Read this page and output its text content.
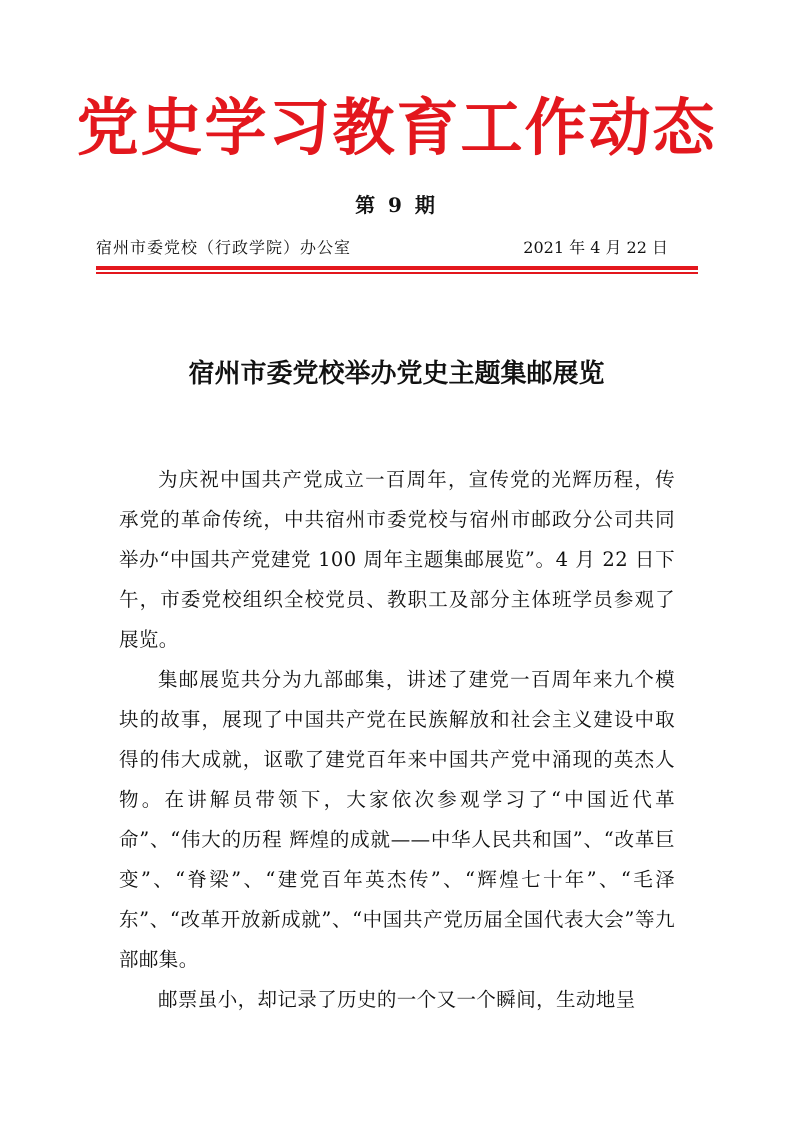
党史学习教育工作动态
第 9 期
宿州市委党校（行政学院）办公室	2021 年 4 月 22 日
宿州市委党校举办党史主题集邮展览

为庆祝中国共产党成立一百周年，宣传党的光辉历程，传承党的革命传统，中共宿州市委党校与宿州市邮政分公司共同举办“中国共产党建党 100 周年主题集邮展览”。4 月 22 日下午，市委党校组织全校党员、教职工及部分主体班学员参观了展览。

集邮展览共分为九部邮集，讲述了建党一百周年来九个模块的故事，展现了中国共产党在民族解放和社会主义建设中取得的伟大成就，讴歌了建党百年来中国共产党中涌现的英杰人物。在讲解员带领下，大家依次参观学习了“中国近代革命”、“伟大的历程 辉煌的成就——中华人民共和国”、“改革巨变”、“脊梁”、“建党百年英杰传”、“辉煌七十年”、“毛泽东”、“改革开放新成就”、“中国共产党历届全国代表大会”等九部邮集。

邮票虽小，却记录了历史的一个又一个瞬间，生动地呈
